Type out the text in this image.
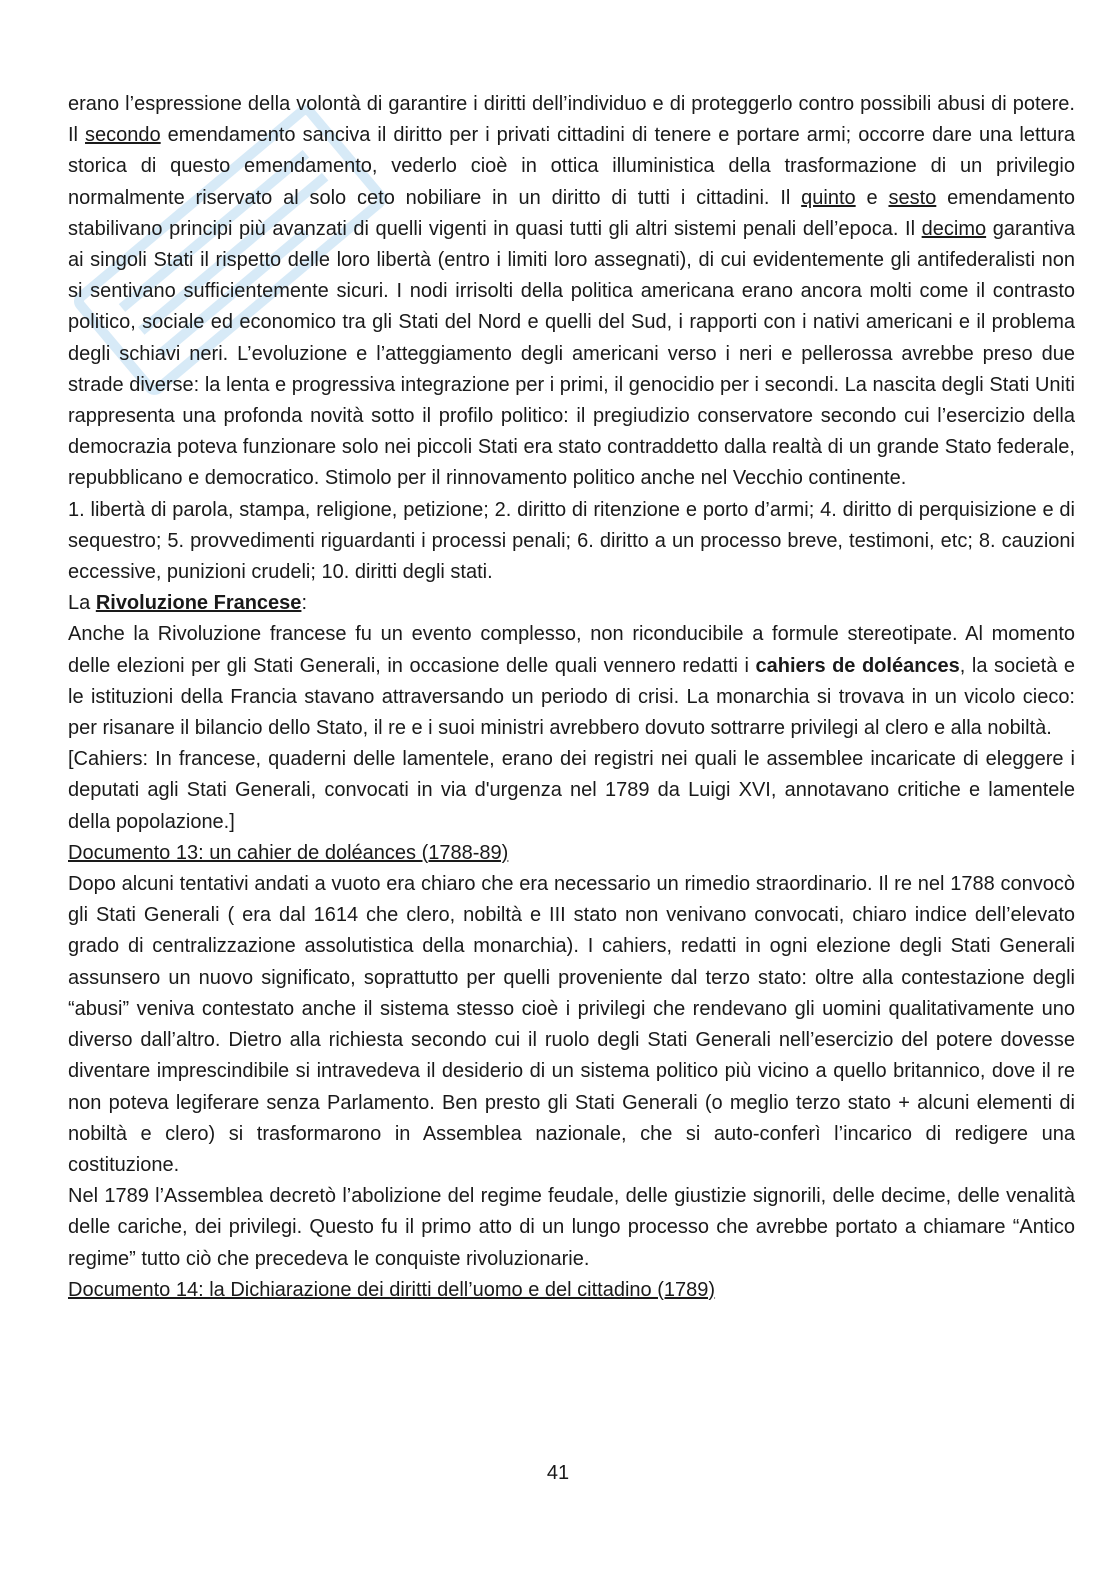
erano l’espressione della volontà di garantire i diritti dell’individuo e di proteggerlo contro possibili abusi di potere. Il secondo emendamento sanciva il diritto per i privati cittadini di tenere e portare armi; occorre dare una lettura storica di questo emendamento, vederlo cioè in ottica illuministica della trasformazione di un privilegio normalmente riservato al solo ceto nobiliare in un diritto di tutti i cittadini. Il quinto e sesto emendamento stabilivano principi più avanzati di quelli vigenti in quasi tutti gli altri sistemi penali dell’epoca. Il decimo garantiva ai singoli Stati il rispetto delle loro libertà (entro i limiti loro assegnati), di cui evidentemente gli antifederalisti non si sentivano sufficientemente sicuri. I nodi irrisolti della politica americana erano ancora molti come il contrasto politico, sociale ed economico tra gli Stati del Nord e quelli del Sud, i rapporti con i nativi americani e il problema degli schiavi neri. L’evoluzione e l’atteggiamento degli americani verso i neri e pellerossa avrebbe preso due strade diverse: la lenta e progressiva integrazione per i primi, il genocidio per i secondi. La nascita degli Stati Uniti rappresenta una profonda novità sotto il profilo politico: il pregiudizio conservatore secondo cui l’esercizio della democrazia poteva funzionare solo nei piccoli Stati era stato contraddetto dalla realtà di un grande Stato federale, repubblicano e democratico. Stimolo per il rinnovamento politico anche nel Vecchio continente.

1. libertà di parola, stampa, religione, petizione; 2. diritto di ritenzione e porto d’armi; 4. diritto di perquisizione e di sequestro; 5. provvedimenti riguardanti i processi penali; 6. diritto a un processo breve, testimoni, etc; 8. cauzioni eccessive, punizioni crudeli; 10. diritti degli stati.

La Rivoluzione Francese:

Anche la Rivoluzione francese fu un evento complesso, non riconducibile a formule stereotipate. Al momento delle elezioni per gli Stati Generali, in occasione delle quali vennero redatti i cahiers de doléances, la società e le istituzioni della Francia stavano attraversando un periodo di crisi. La monarchia si trovava in un vicolo cieco: per risanare il bilancio dello Stato, il re e i suoi ministri avrebbero dovuto sottrarre privilegi al clero e alla nobiltà.

[Cahiers: In francese, quaderni delle lamentele, erano dei registri nei quali le assemblee incaricate di eleggere i deputati agli Stati Generali, convocati in via d'urgenza nel 1789 da Luigi XVI, annotavano critiche e lamentele della popolazione.]

Documento 13: un cahier de doléances (1788-89)

Dopo alcuni tentativi andati a vuoto era chiaro che era necessario un rimedio straordinario. Il re nel 1788 convocò gli Stati Generali ( era dal 1614 che clero, nobiltà e III stato non venivano convocati, chiaro indice dell’elevato grado di centralizzazione assolutistica della monarchia). I cahiers, redatti in ogni elezione degli Stati Generali assunsero un nuovo significato, soprattutto per quelli proveniente dal terzo stato: oltre alla contestazione degli “abusi” veniva contestato anche il sistema stesso cioè i privilegi che rendevano gli uomini qualitativamente uno diverso dall’altro. Dietro alla richiesta secondo cui il ruolo degli Stati Generali nell’esercizio del potere dovesse diventare imprescindibile si intravedeva il desiderio di un sistema politico più vicino a quello britannico, dove il re non poteva legiferare senza Parlamento. Ben presto gli Stati Generali (o meglio terzo stato + alcuni elementi di nobiltà e clero) si trasformarono in Assemblea nazionale, che si auto-conferì l’incarico di redigere una costituzione.

Nel 1789 l’Assemblea decretò l’abolizione del regime feudale, delle giustizie signorili, delle decime, delle venalità delle cariche, dei privilegi. Questo fu il primo atto di un lungo processo che avrebbe portato a chiamare “Antico regime” tutto ciò che precedeva le conquiste rivoluzionarie.

Documento 14: la Dichiarazione dei diritti dell’uomo e del cittadino (1789)

41
